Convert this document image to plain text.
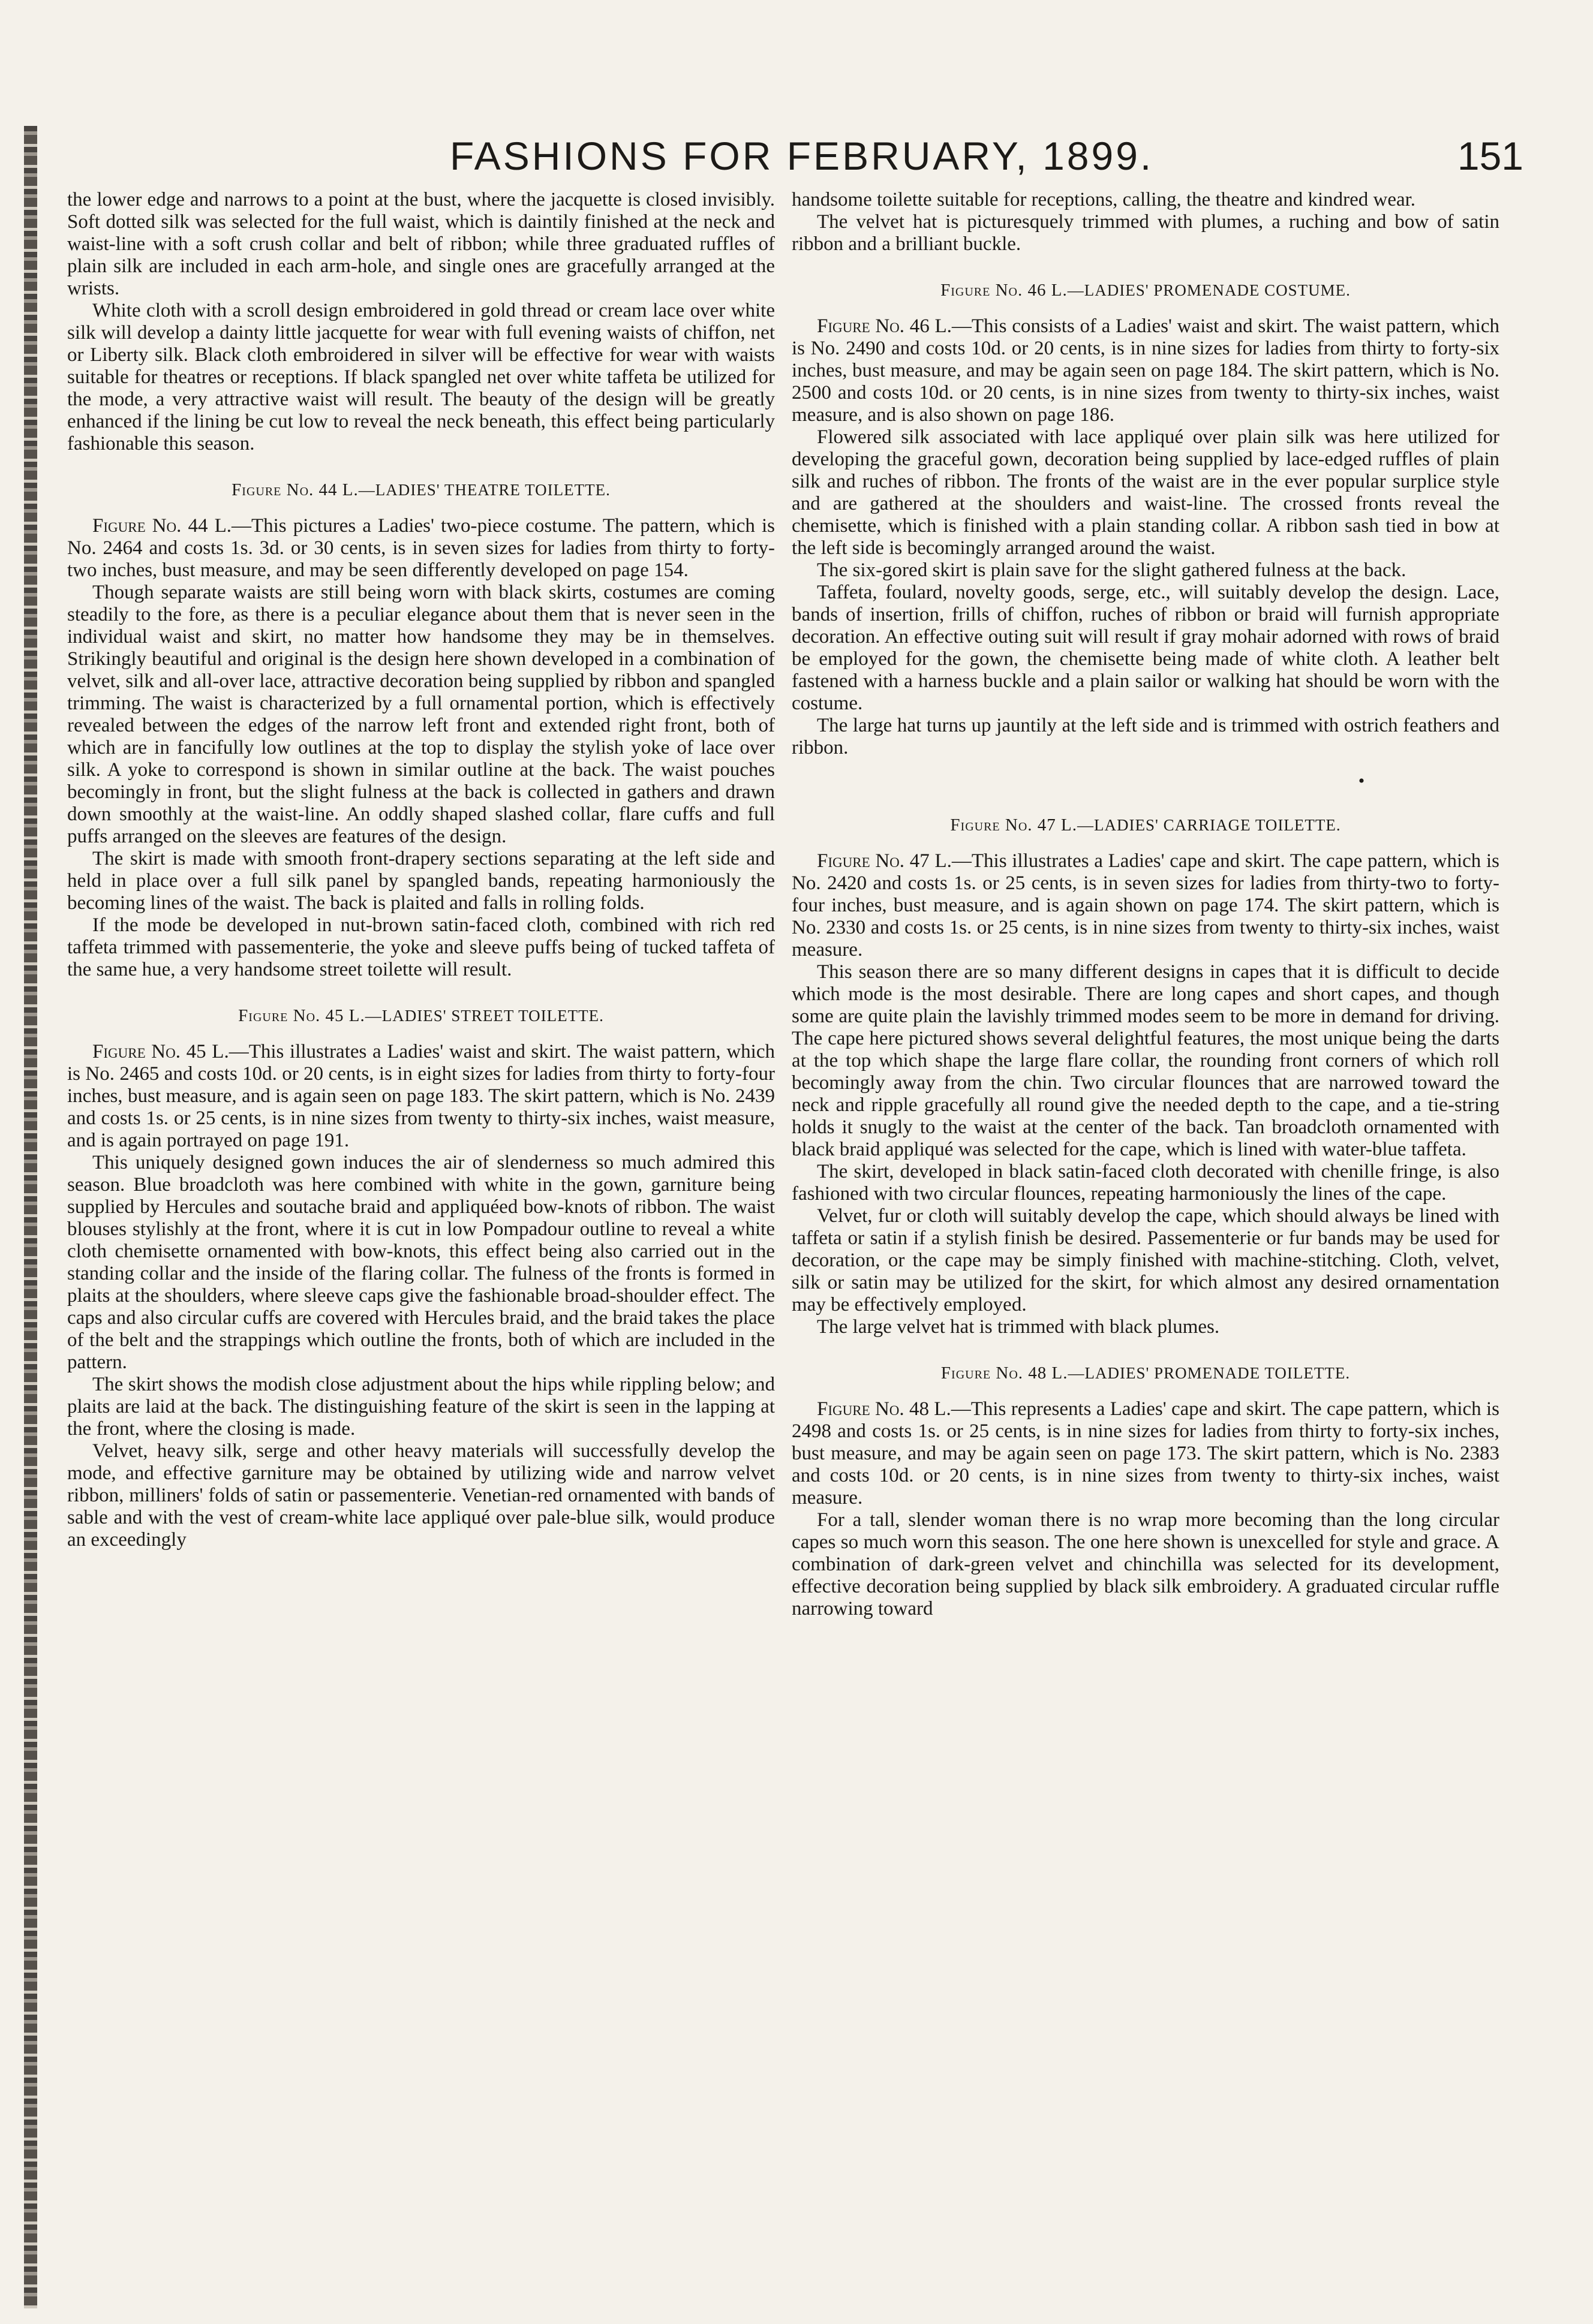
FASHIONS FOR FEBRUARY, 1899.	151

the lower edge and narrows to a point at the bust, where the jacquette is closed invisibly. Soft dotted silk was selected for the full waist, which is daintily finished at the neck and waist-line with a soft crush collar and belt of ribbon; while three graduated ruffles of plain silk are included in each arm-hole, and single ones are gracefully arranged at the wrists.

White cloth with a scroll design embroidered in gold thread or cream lace over white silk will develop a dainty little jacquette for wear with full evening waists of chiffon, net or Liberty silk. Black cloth embroidered in silver will be effective for wear with waists suitable for theatres or receptions. If black spangled net over white taffeta be utilized for the mode, a very attractive waist will result. The beauty of the design will be greatly enhanced if the lining be cut low to reveal the neck beneath, this effect being particularly fashionable this season.

Figure No. 44 L.—LADIES' THEATRE TOILETTE.

Figure No. 44 L.—This pictures a Ladies' two-piece costume. The pattern, which is No. 2464 and costs 1s. 3d. or 30 cents, is in seven sizes for ladies from thirty to forty-two inches, bust measure, and may be seen differently developed on page 154.

Though separate waists are still being worn with black skirts, costumes are coming steadily to the fore, as there is a peculiar elegance about them that is never seen in the individual waist and skirt, no matter how handsome they may be in themselves. Strikingly beautiful and original is the design here shown developed in a combination of velvet, silk and all-over lace, attractive decoration being supplied by ribbon and spangled trimming. The waist is characterized by a full ornamental portion, which is effectively revealed between the edges of the narrow left front and extended right front, both of which are in fancifully low outlines at the top to display the stylish yoke of lace over silk. A yoke to correspond is shown in similar outline at the back. The waist pouches becomingly in front, but the slight fulness at the back is collected in gathers and drawn down smoothly at the waist-line. An oddly shaped slashed collar, flare cuffs and full puffs arranged on the sleeves are features of the design.

The skirt is made with smooth front-drapery sections separating at the left side and held in place over a full silk panel by spangled bands, repeating harmoniously the becoming lines of the waist. The back is plaited and falls in rolling folds.

If the mode be developed in nut-brown satin-faced cloth, combined with rich red taffeta trimmed with passementerie, the yoke and sleeve puffs being of tucked taffeta of the same hue, a very handsome street toilette will result.

Figure No. 45 L.—LADIES' STREET TOILETTE.

Figure No. 45 L.—This illustrates a Ladies' waist and skirt. The waist pattern, which is No. 2465 and costs 10d. or 20 cents, is in eight sizes for ladies from thirty to forty-four inches, bust measure, and is again seen on page 183. The skirt pattern, which is No. 2439 and costs 1s. or 25 cents, is in nine sizes from twenty to thirty-six inches, waist measure, and is again portrayed on page 191.

This uniquely designed gown induces the air of slenderness so much admired this season. Blue broadcloth was here combined with white in the gown, garniture being supplied by Hercules and soutache braid and appliquéed bow-knots of ribbon. The waist blouses stylishly at the front, where it is cut in low Pompadour outline to reveal a white cloth chemisette ornamented with bow-knots, this effect being also carried out in the standing collar and the inside of the flaring collar. The fulness of the fronts is formed in plaits at the shoulders, where sleeve caps give the fashionable broad-shoulder effect. The caps and also circular cuffs are covered with Hercules braid, and the braid takes the place of the belt and the strappings which outline the fronts, both of which are included in the pattern.

The skirt shows the modish close adjustment about the hips while rippling below; and plaits are laid at the back. The distinguishing feature of the skirt is seen in the lapping at the front, where the closing is made.

Velvet, heavy silk, serge and other heavy materials will successfully develop the mode, and effective garniture may be obtained by utilizing wide and narrow velvet ribbon, milliners' folds of satin or passementerie. Venetian-red ornamented with bands of sable and with the vest of cream-white lace appliqué over pale-blue silk, would produce an exceedingly

handsome toilette suitable for receptions, calling, the theatre and kindred wear.

The velvet hat is picturesquely trimmed with plumes, a ruching and bow of satin ribbon and a brilliant buckle.

Figure No. 46 L.—LADIES' PROMENADE COSTUME.

Figure No. 46 L.—This consists of a Ladies' waist and skirt. The waist pattern, which is No. 2490 and costs 10d. or 20 cents, is in nine sizes for ladies from thirty to forty-six inches, bust measure, and may be again seen on page 184. The skirt pattern, which is No. 2500 and costs 10d. or 20 cents, is in nine sizes from twenty to thirty-six inches, waist measure, and is also shown on page 186.

Flowered silk associated with lace appliqué over plain silk was here utilized for developing the graceful gown, decoration being supplied by lace-edged ruffles of plain silk and ruches of ribbon. The fronts of the waist are in the ever popular surplice style and are gathered at the shoulders and waist-line. The crossed fronts reveal the chemisette, which is finished with a plain standing collar. A ribbon sash tied in bow at the left side is becomingly arranged around the waist.

The six-gored skirt is plain save for the slight gathered fulness at the back.

Taffeta, foulard, novelty goods, serge, etc., will suitably develop the design. Lace, bands of insertion, frills of chiffon, ruches of ribbon or braid will furnish appropriate decoration. An effective outing suit will result if gray mohair adorned with rows of braid be employed for the gown, the chemisette being made of white cloth. A leather belt fastened with a harness buckle and a plain sailor or walking hat should be worn with the costume.

The large hat turns up jauntily at the left side and is trimmed with ostrich feathers and ribbon.

•
Figure No. 47 L.—LADIES' CARRIAGE TOILETTE.

Figure No. 47 L.—This illustrates a Ladies' cape and skirt. The cape pattern, which is No. 2420 and costs 1s. or 25 cents, is in seven sizes for ladies from thirty-two to forty-four inches, bust measure, and is again shown on page 174. The skirt pattern, which is No. 2330 and costs 1s. or 25 cents, is in nine sizes from twenty to thirty-six inches, waist measure.

This season there are so many different designs in capes that it is difficult to decide which mode is the most desirable. There are long capes and short capes, and though some are quite plain the lavishly trimmed modes seem to be more in demand for driving. The cape here pictured shows several delightful features, the most unique being the darts at the top which shape the large flare collar, the rounding front corners of which roll becomingly away from the chin. Two circular flounces that are narrowed toward the neck and ripple gracefully all round give the needed depth to the cape, and a tie-string holds it snugly to the waist at the center of the back. Tan broadcloth ornamented with black braid appliqué was selected for the cape, which is lined with water-blue taffeta.

The skirt, developed in black satin-faced cloth decorated with chenille fringe, is also fashioned with two circular flounces, repeating harmoniously the lines of the cape.

Velvet, fur or cloth will suitably develop the cape, which should always be lined with taffeta or satin if a stylish finish be desired. Passementerie or fur bands may be used for decoration, or the cape may be simply finished with machine-stitching. Cloth, velvet, silk or satin may be utilized for the skirt, for which almost any desired ornamentation may be effectively employed.

The large velvet hat is trimmed with black plumes.

Figure No. 48 L.—LADIES' PROMENADE TOILETTE.

Figure No. 48 L.—This represents a Ladies' cape and skirt. The cape pattern, which is 2498 and costs 1s. or 25 cents, is in nine sizes for ladies from thirty to forty-six inches, bust measure, and may be again seen on page 173. The skirt pattern, which is No. 2383 and costs 10d. or 20 cents, is in nine sizes from twenty to thirty-six inches, waist measure.

For a tall, slender woman there is no wrap more becoming than the long circular capes so much worn this season. The one here shown is unexcelled for style and grace. A combination of dark-green velvet and chinchilla was selected for its development, effective decoration being supplied by black silk embroidery. A graduated circular ruffle narrowing toward
